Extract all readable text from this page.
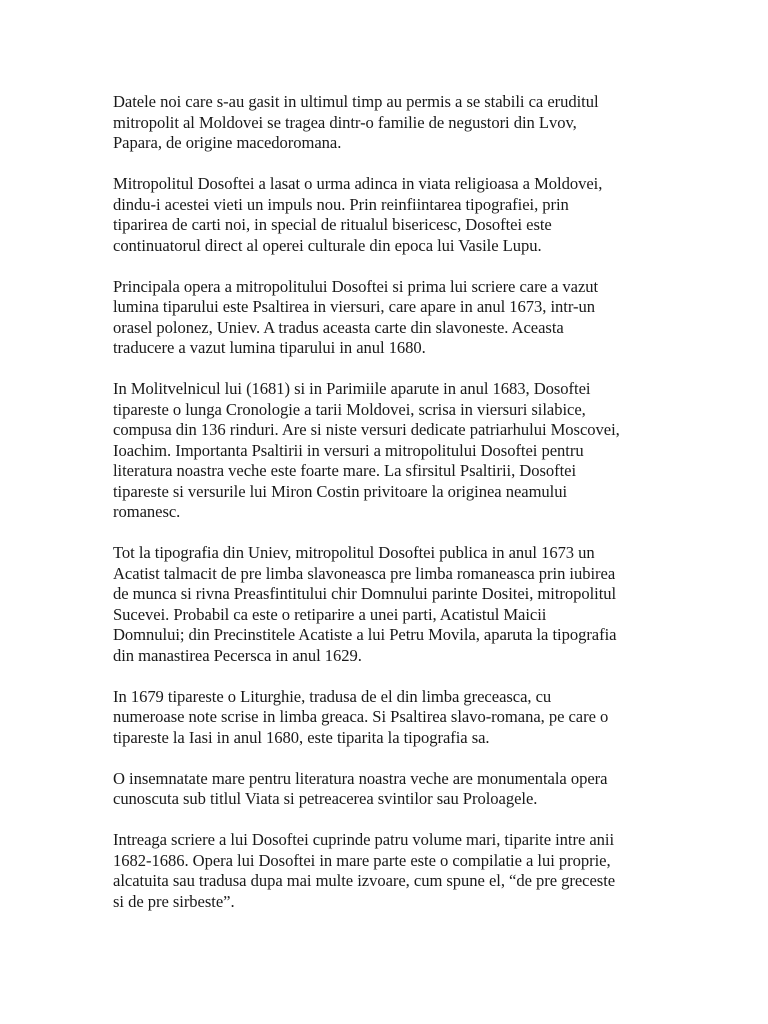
Datele noi care s-au gasit in ultimul timp au permis a se stabili ca eruditul
mitropolit al Moldovei se tragea dintr-o familie de negustori din Lvov,
Papara, de origine macedoromana.

Mitropolitul Dosoftei a lasat o urma adinca in viata religioasa a Moldovei,
dindu-i acestei vieti un impuls nou. Prin reinfiintarea tipografiei, prin
tiparirea de carti noi, in special de ritualul bisericesc, Dosoftei este
continuatorul direct al operei culturale din epoca lui Vasile Lupu.

Principala opera a mitropolitului Dosoftei si prima lui scriere care a vazut
lumina tiparului este Psaltirea in viersuri, care apare in anul 1673, intr-un
orasel polonez, Uniev. A tradus aceasta carte din slavoneste. Aceasta
traducere a vazut lumina tiparului in anul 1680.

In Molitvelnicul lui (1681) si in Parimiile aparute in anul 1683, Dosoftei
tipareste o lunga Cronologie a tarii Moldovei, scrisa in viersuri silabice,
compusa din 136 rinduri. Are si niste versuri dedicate patriarhului Moscovei,
Ioachim. Importanta Psaltirii in versuri a mitropolitului Dosoftei pentru
literatura noastra veche este foarte mare. La sfirsitul Psaltirii, Dosoftei
tipareste si versurile lui Miron Costin privitoare la originea neamului
romanesc.

Tot la tipografia din Uniev, mitropolitul Dosoftei publica in anul 1673 un
Acatist talmacit de pre limba slavoneasca pre limba romaneasca prin iubirea
de munca si rivna Preasfintitului chir Domnului parinte Dositei, mitropolitul
Sucevei. Probabil ca este o retiparire a unei parti, Acatistul Maicii
Domnului; din Precinstitele Acatiste a lui Petru Movila, aparuta la tipografia
din manastirea Pecersca in anul 1629.

In 1679 tipareste o Liturghie, tradusa de el din limba greceasca, cu
numeroase note scrise in limba greaca. Si Psaltirea slavo-romana, pe care o
tipareste la Iasi in anul 1680, este tiparita la tipografia sa.

O insemnatate mare pentru literatura noastra veche are monumentala opera
cunoscuta sub titlul Viata si petreacerea svintilor sau Proloagele.

Intreaga scriere a lui Dosoftei cuprinde patru volume mari, tiparite intre anii
1682-1686. Opera lui Dosoftei in mare parte este o compilatie a lui proprie,
alcatuita sau tradusa dupa mai multe izvoare, cum spune el, “de pre greceste
si de pre sirbeste”.
